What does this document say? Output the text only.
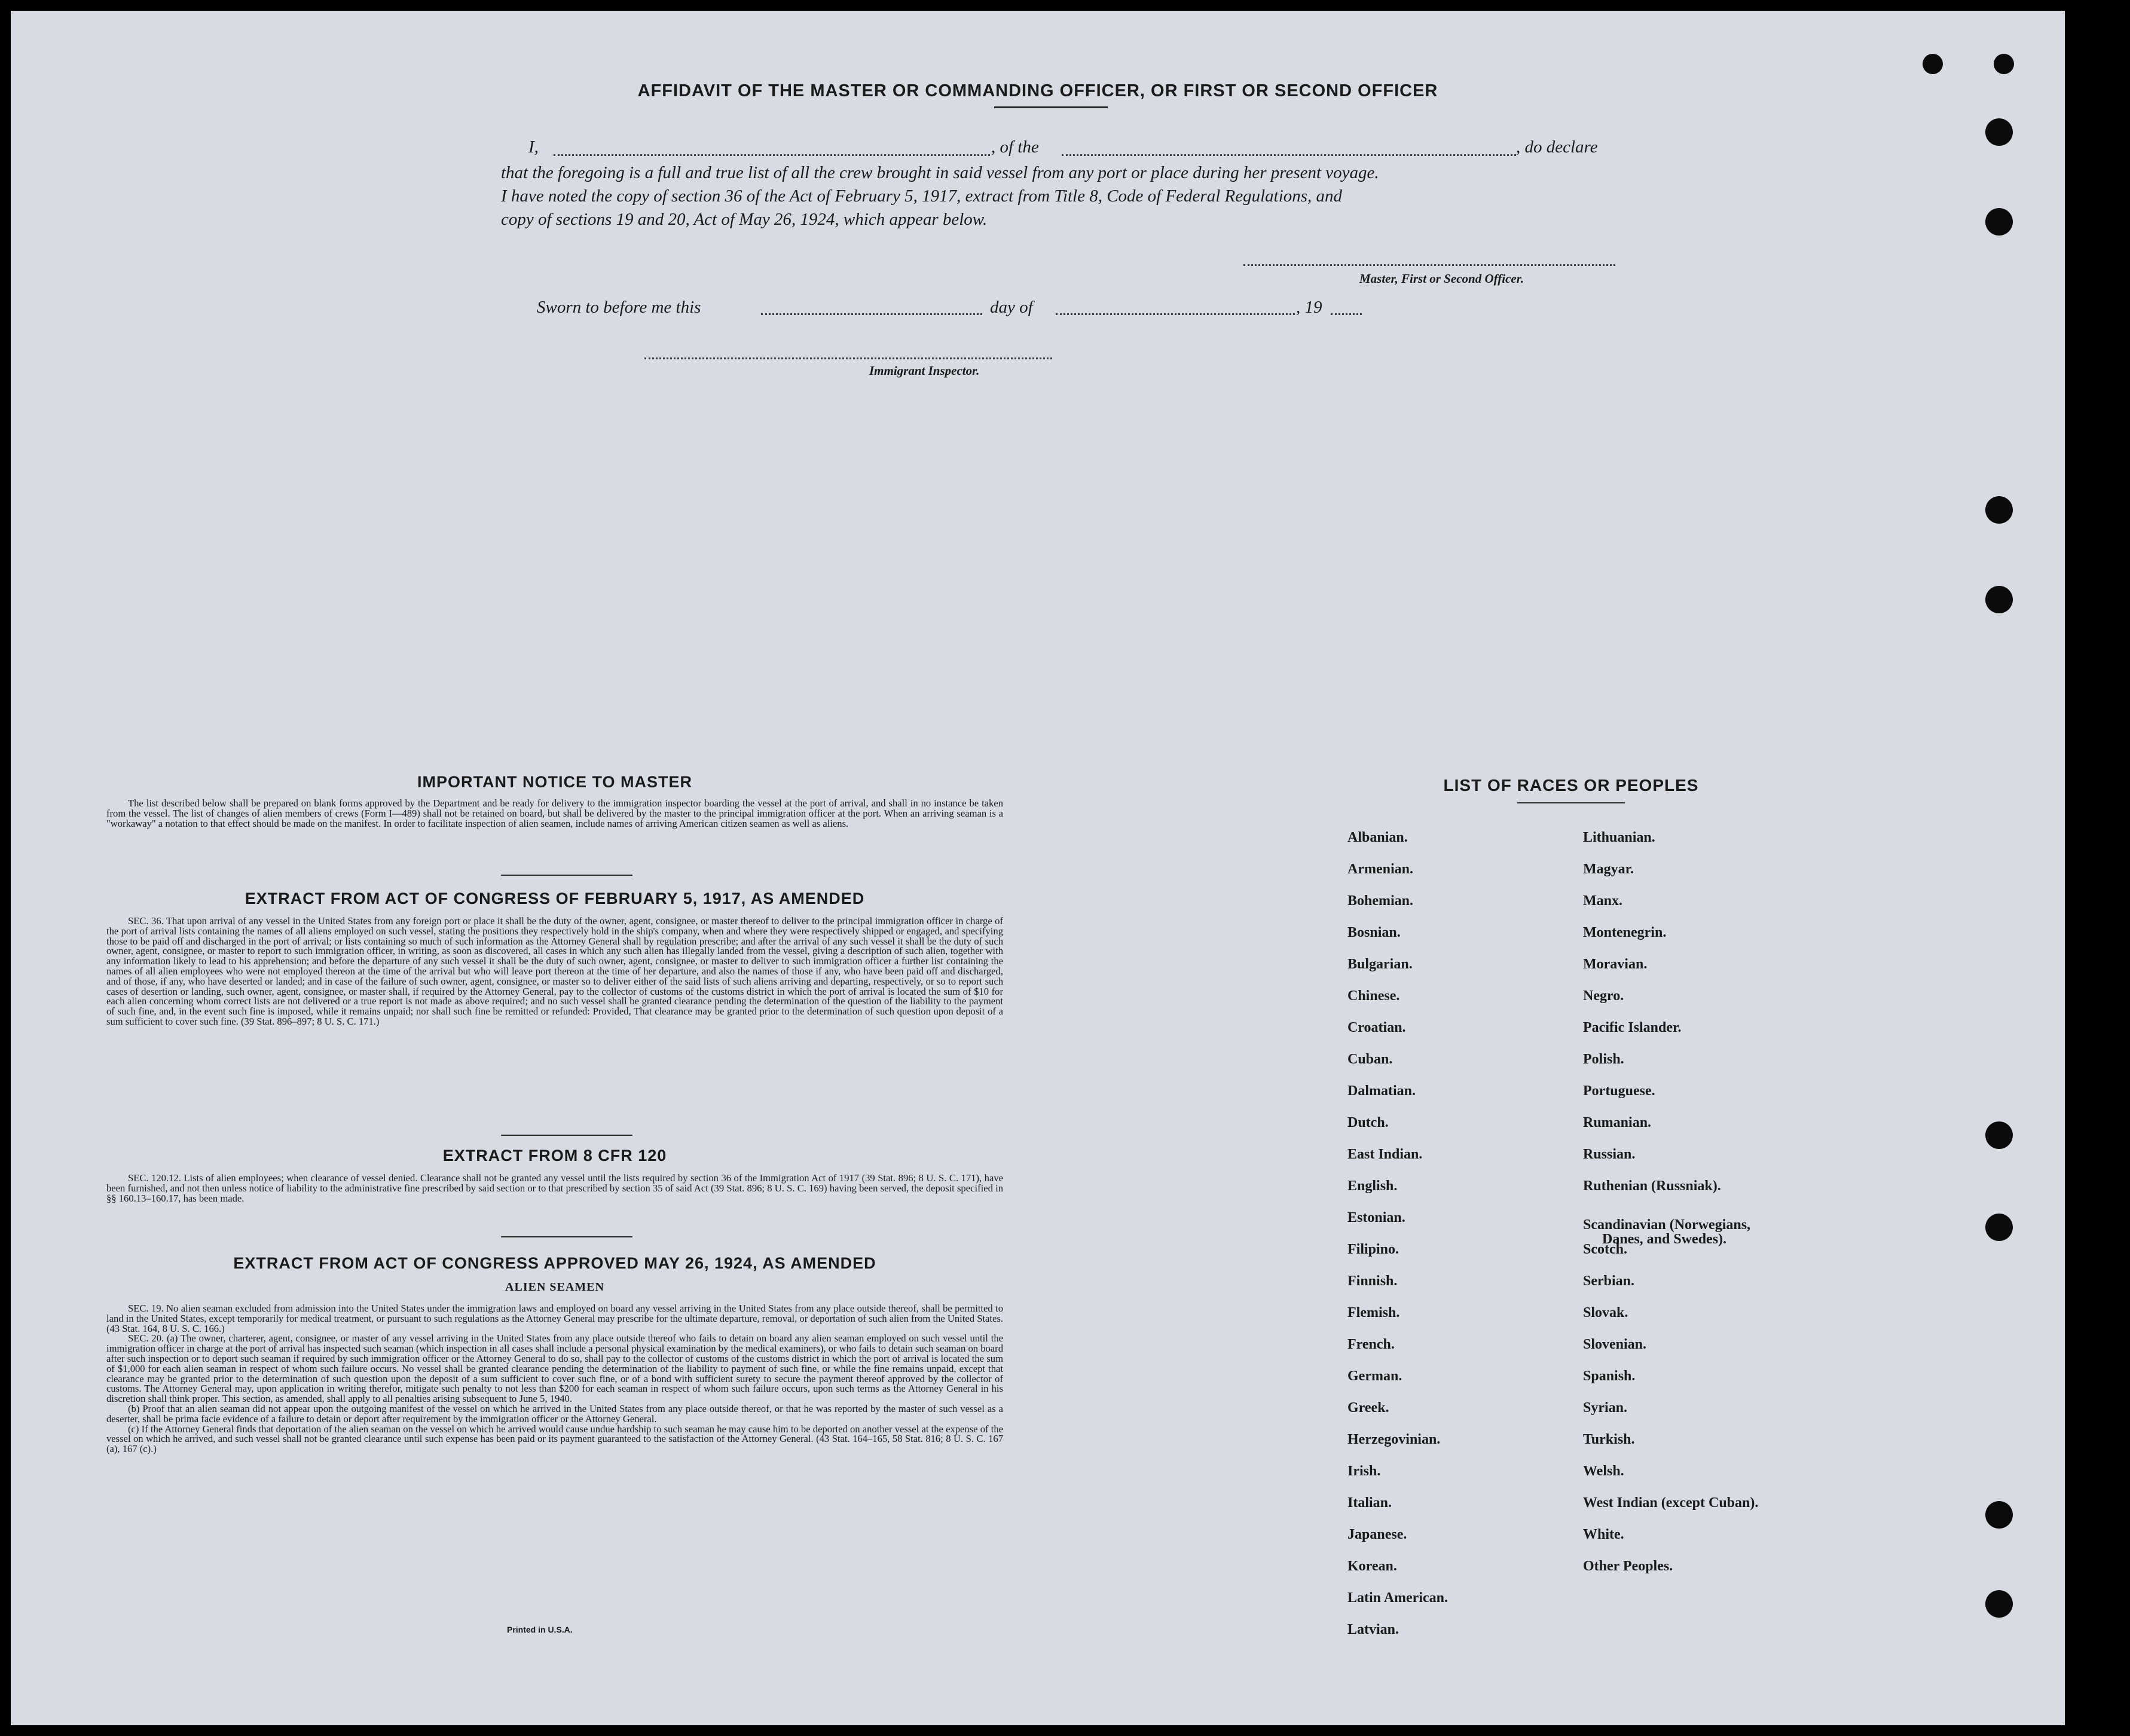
AFFIDAVIT OF THE MASTER OR COMMANDING OFFICER, OR FIRST OR SECOND OFFICER
I,	, of the	, do declare
that the foregoing is a full and true list of all the crew brought in said vessel from any port or place during her present voyage.
I have noted the copy of section 36 of the Act of February 5, 1917, extract from Title 8, Code of Federal Regulations, and
copy of sections 19 and 20, Act of May 26, 1924, which appear below.
Master, First or Second Officer.
Sworn to before me this	day of	, 19
Immigrant Inspector.
IMPORTANT NOTICE TO MASTER

The list described below shall be prepared on blank forms approved by the Department and be ready for delivery to the immigration inspector boarding the vessel at the port of arrival, and shall in no instance be taken from the vessel. The list of changes of alien members of crews (Form I—489) shall not be retained on board, but shall be delivered by the master to the principal immigration officer at the port. When an arriving seaman is a "workaway" a notation to that effect should be made on the manifest. In order to facilitate inspection of alien seamen, include names of arriving American citizen seamen as well as aliens.

EXTRACT FROM ACT OF CONGRESS OF FEBRUARY 5, 1917, AS AMENDED

SEC. 36. That upon arrival of any vessel in the United States from any foreign port or place it shall be the duty of the owner, agent, consignee, or master thereof to deliver to the principal immigration officer in charge of the port of arrival lists containing the names of all aliens employed on such vessel, stating the positions they respectively hold in the ship's company, when and where they were respectively shipped or engaged, and specifying those to be paid off and discharged in the port of arrival; or lists containing so much of such information as the Attorney General shall by regulation prescribe; and after the arrival of any such vessel it shall be the duty of such owner, agent, consignee, or master to report to such immigration officer, in writing, as soon as discovered, all cases in which any such alien has illegally landed from the vessel, giving a description of such alien, together with any information likely to lead to his apprehension; and before the departure of any such vessel it shall be the duty of such owner, agent, consignee, or master to deliver to such immigration officer a further list containing the names of all alien employees who were not employed thereon at the time of the arrival but who will leave port thereon at the time of her departure, and also the names of those if any, who have been paid off and discharged, and of those, if any, who have deserted or landed; and in case of the failure of such owner, agent, consignee, or master so to deliver either of the said lists of such aliens arriving and departing, respectively, or so to report such cases of desertion or landing, such owner, agent, consignee, or master shall, if required by the Attorney General, pay to the collector of customs of the customs district in which the port of arrival is located the sum of $10 for each alien concerning whom correct lists are not delivered or a true report is not made as above required; and no such vessel shall be granted clearance pending the determination of the question of the liability to the payment of such fine, and, in the event such fine is imposed, while it remains unpaid; nor shall such fine be remitted or refunded: Provided, That clearance may be granted prior to the determination of such question upon deposit of a sum sufficient to cover such fine. (39 Stat. 896–897; 8 U. S. C. 171.)

EXTRACT FROM 8 CFR 120

SEC. 120.12. Lists of alien employees; when clearance of vessel denied. Clearance shall not be granted any vessel until the lists required by section 36 of the Immigration Act of 1917 (39 Stat. 896; 8 U. S. C. 171), have been furnished, and not then unless notice of liability to the administrative fine prescribed by said section or to that prescribed by section 35 of said Act (39 Stat. 896; 8 U. S. C. 169) having been served, the deposit specified in §§ 160.13–160.17, has been made.

EXTRACT FROM ACT OF CONGRESS APPROVED MAY 26, 1924, AS AMENDED
ALIEN SEAMEN

SEC. 19. No alien seaman excluded from admission into the United States under the immigration laws and employed on board any vessel arriving in the United States from any place outside thereof, shall be permitted to land in the United States, except temporarily for medical treatment, or pursuant to such regulations as the Attorney General may prescribe for the ultimate departure, removal, or deportation of such alien from the United States. (43 Stat. 164, 8 U. S. C. 166.)

SEC. 20. (a) The owner, charterer, agent, consignee, or master of any vessel arriving in the United States from any place outside thereof who fails to detain on board any alien seaman employed on such vessel until the immigration officer in charge at the port of arrival has inspected such seaman (which inspection in all cases shall include a personal physical examination by the medical examiners), or who fails to detain such seaman on board after such inspection or to deport such seaman if required by such immigration officer or the Attorney General to do so, shall pay to the collector of customs of the customs district in which the port of arrival is located the sum of $1,000 for each alien seaman in respect of whom such failure occurs. No vessel shall be granted clearance pending the determination of the liability to payment of such fine, or while the fine remains unpaid, except that clearance may be granted prior to the determination of such question upon the deposit of a sum sufficient to cover such fine, or of a bond with sufficient surety to secure the payment thereof approved by the collector of customs. The Attorney General may, upon application in writing therefor, mitigate such penalty to not less than $200 for each seaman in respect of whom such failure occurs, upon such terms as the Attorney General in his discretion shall think proper. This section, as amended, shall apply to all penalties arising subsequent to June 5, 1940.

(b) Proof that an alien seaman did not appear upon the outgoing manifest of the vessel on which he arrived in the United States from any place outside thereof, or that he was reported by the master of such vessel as a deserter, shall be prima facie evidence of a failure to detain or deport after requirement by the immigration officer or the Attorney General.

(c) If the Attorney General finds that deportation of the alien seaman on the vessel on which he arrived would cause undue hardship to such seaman he may cause him to be deported on another vessel at the expense of the vessel on which he arrived, and such vessel shall not be granted clearance until such expense has been paid or its payment guaranteed to the satisfaction of the Attorney General. (43 Stat. 164–165, 58 Stat. 816; 8 U. S. C. 167 (a), 167 (c).)

Printed in U.S.A.
LIST OF RACES OR PEOPLES
Albanian.
Armenian.
Bohemian.
Bosnian.
Bulgarian.
Chinese.
Croatian.
Cuban.
Dalmatian.
Dutch.
East Indian.
English.
Estonian.
Filipino.
Finnish.
Flemish.
French.
German.
Greek.
Herzegovinian.
Irish.
Italian.
Japanese.
Korean.
Latin American.
Latvian.
Lithuanian.
Magyar.
Manx.
Montenegrin.
Moravian.
Negro.
Pacific Islander.
Polish.
Portuguese.
Rumanian.
Russian.
Ruthenian (Russniak).
Scandinavian (Norwegians,
Danes, and Swedes).
Scotch.
Serbian.
Slovak.
Slovenian.
Spanish.
Syrian.
Turkish.
Welsh.
West Indian (except Cuban).
White.
Other Peoples.
